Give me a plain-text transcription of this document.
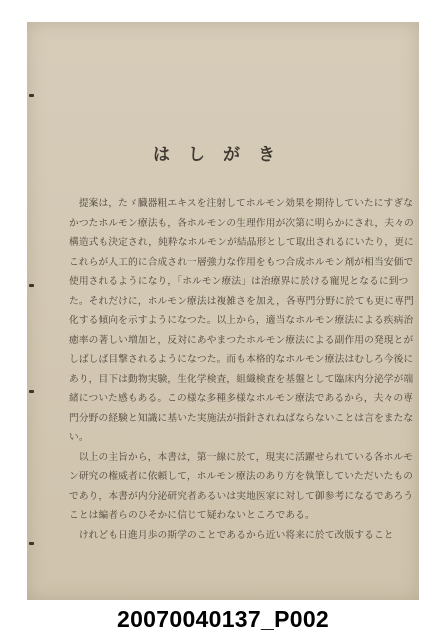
はしがき

　提案は，たゞ臓器粗エキスを注射してホルモン効果を期待していたにすぎなかつたホルモン療法も，各ホルモンの生理作用が次第に明らかにされ，夫々の構造式も決定され，純粋なホルモンが結晶形として取出されるにいたり，更にこれらが人工的に合成され一層強力な作用をもつ合成ホルモン剤が相当安価で使用されるようになり，「ホルモン療法」は治療界に於ける寵児となるに到つた。それだけに，ホルモン療法は複雑さを加え，各専門分野に於ても更に専門化する傾向を示すようになつた。以上から，適当なホルモン療法による疾病治癒率の著しい増加と，反対にあやまつたホルモン療法による副作用の発現とがしばしば目撃されるようになつた。而も本格的なホルモン療法はむしろ今後にあり，目下は動物実験，生化学検査，組織検査を基盤として臨床内分泌学が端緒についた感もある。この様な多種多様なホルモン療法であるから，夫々の専門分野の経験と知識に基いた実施法が指針されねばならないことは言をまたない。

　以上の主旨から，本書は，第一線に於て，現実に活躍せられている各ホルモン研究の権威者に依頼して，ホルモン療法のあり方を執筆していただいたものであり，本書が内分泌研究者あるいは実地医家に対して御参考になるであろうことは編者らのひそかに信じて疑わないところである。

　けれども日進月歩の斯学のことであるから近い将来に於て改版すること

20070040137_P002
